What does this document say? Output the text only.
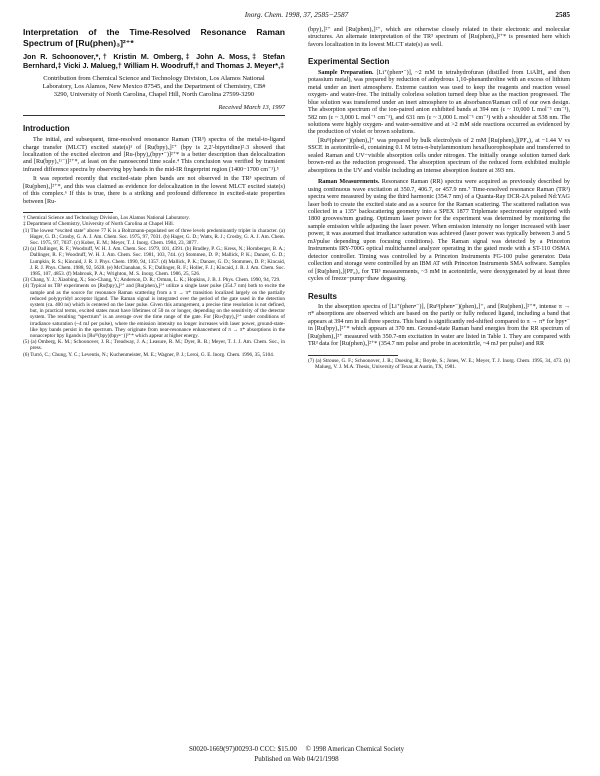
Inorg. Chem. 1998, 37, 2585−2587	2585
Interpretation of the Time-Resolved Resonance Raman Spectrum of [Ru(phen)₃]²⁺*
Jon R. Schoonover,*,† Kristin M. Omberg,‡ John A. Moss,‡ Stefan Bernhard,‡ Vicki J. Malueg,† William H. Woodruff,† and Thomas J. Meyer*,‡
Contribution from Chemical Science and Technology Division, Los Alamos National Laboratory, Los Alamos, New Mexico 87545, and the Department of Chemistry, CB# 3290, University of North Carolina, Chapel Hill, North Carolina 27599-3290
Received March 13, 1997
Introduction

The initial, and subsequent, time-resolved resonance Raman (TR³) spectra of the metal-to-ligand charge transfer (MLCT) excited state(s)¹ of [Ru(bpy)₃]²⁺ (bpy is 2,2′-bipyridine)²˒3 showed that localization of the excited electron and [Ru-(bpy)₂(bpy•⁻)]²⁺* is a better description than delocalization and [Ru(bpy)₃¹ᵓ⁻)]²⁺*, at least on the nanosecond time scale.⁴ This conclusion was verified by transient infrared difference spectra by observing bpy bands in the mid-IR fingerprint region (1400−1700 cm⁻¹).⁵

It was reported recently that excited-state phen bands are not observed in the TR³ spectrum of [Ru(phen)₃]²⁺*, and this was claimed as evidence for delocalization in the lowest MLCT excited state(s) of this complex.⁶ If this is true, there is a striking and profound difference in excited-state properties between [Ru-

† Chemical Science and Technology Division, Los Alamos National Laboratory.
‡ Department of Chemistry, University of North Carolina at Chapel Hill.
(1) The lowest “excited state” above 77 K is a Boltzmann-populated set of three levels predominantly triplet in character. (a) Hager, G. D.; Crosby, G. A. J. Am. Chem. Soc. 1975, 97, 7031. (b) Hager, G. D.; Watts, R. J.; Crosby, G. A. J. Am. Chem. Soc. 1975, 97, 7037. (c) Kober, E. M.; Meyer, T. J. Inorg. Chem. 1984, 23, 3877.
(2) (a) Dallinger, R. F.; Woodruff, W. H. J. Am. Chem. Soc. 1979, 101, 4391. (b) Bradley, P. G.; Kress, N.; Hornberger, B. A.; Dallinger, R. F.; Woodruff, W. H. J. Am. Chem. Soc. 1981, 103, 744. (c) Stommen, D. P.; Mallick, P. K.; Danzer, G. D.; Lumpkin, R. S.; Kincaid, J. R. J. Phys. Chem. 1990, 94, 1357. (d) Mallick, P. K.; Danzer, G. D.; Stommen, D. P.; Kincaid, J. R. J. Phys. Chem. 1988, 92, 5628. (e) McClanahan, S. F.; Dallinger, R. F.; Holler, F. J.; Kincaid, J. R. J. Am. Chem. Soc. 1985, 107, 4853. (f) Mabrouk, P. A.; Wrighton, M. S. Inorg. Chem. 1986, 25, 526.
(3) Chang, Y. J.; Xiaobing, X.; Soo-Chang, Y.; Anderson, D. R.; Orman, L. K.; Hopkins, J. B. J. Phys. Chem. 1990, 94, 729.
(4) Typical ns TR³ experiments on [Ru(bpy)₃]²⁺ and [Ru(phen)₃]²⁺ utilize a single laser pulse (354.7 nm) both to excite the sample and as the source for resonance Raman scattering from a π → π* transition localized largely on the partially reduced polypyridyl acceptor ligand. The Raman signal is integrated over the period of the gate used in the detection system (ca. 400 ns) which is centered on the laser pulse. Given this arrangement, a precise time resolution is not defined, but, in practical terms, excited states must have lifetimes of 50 ns or longer, depending on the sensitivity of the detector system. The resulting “spectrum” is an average over the time range of the gate. For [Ru-(bpy)₃]²⁺ under conditions of irradiance saturation (~4 mJ per pulse), where the emission intensity no longer increases with laser power, ground-state-like bpy bands persist in the spectrum. They originate from near-resonance enhancement of π → π* absorptions in the nonacceptor bpy ligands in [Ruᴵᴵᴵ(bpy)(bpy•⁻)]²⁺* which appear at higher energy.
(5) (a) Omberg, K. M.; Schoonover, J. R.; Treadway, J. A.; Leasure, R. M.; Dyer, R. B.; Meyer, T. J. J. Am. Chem. Soc., in press.
(6) Turró, C.; Chung, Y. C.; Leventis, N.; Kuchenmeister, M. E.; Wagner, P. J.; Leroi, G. E. Inorg. Chem. 1996, 35, 5104.

(bpy)₃]²⁺ and [Ru(phen)₃]²⁺, which are otherwise closely related in their electronic and molecular structures. An alternate interpretation of the TR³ spectrum of [Ru(phen)₃]²⁺* is presented here which favors localization in its lowest MLCT state(s) as well.

Experimental Section

Sample Preparation. [Li⁺(phen•⁻)], ~2 mM in tetrahydrofuran (distilled from LiAlH₄ and then potassium metal), was prepared by reduction of anhydrous 1,10-phenanthroline with an excess of lithium metal under an inert atmosphere. Extreme caution was used to keep the reagents and reaction vessel oxygen- and water-free. The initially colorless solution turned deep blue as the reaction progressed. The blue solution was transferred under an inert atmosphere to an absorbance/Raman cell of our own design. The absorption spectrum of the ion-paired anion exhibited bands at 394 nm (ε ~ 10,000 L mol⁻¹ cm⁻¹), 582 nm (ε ~ 3,000 L mol⁻¹ cm⁻¹), and 631 nm (ε ~ 3,000 L mol⁻¹ cm⁻¹) with a shoulder at 538 nm. The solutions were highly oxygen- and water-sensitive and at >2 mM side reactions occurred as evidenced by the production of violet or brown solutions.

[Ruᴵᴵ(phen•⁻)(phen)₂]⁺ was prepared by bulk electrolysis of 2 mM [Ru(phen)₃](PF₆)₂ at −1.44 V vs SSCE in acetonitrile-d₃ containing 0.1 M tetra-n-butylammonium hexafluorophosphate and transferred to sealed Raman and UV−visible absorption cells under nitrogen. The initially orange solution turned dark brown-red as the reduction progressed. The absorption spectrum of the reduced form exhibited multiple absorptions in the UV and visible including an intense absorption feature at 393 nm.

Raman Measurements. Resonance Raman (RR) spectra were acquired as previously described by using continuous wave excitation at 350.7, 406.7, or 457.9 nm.⁷ Time-resolved resonance Raman (TR³) spectra were measured by using the third harmonic (354.7 nm) of a Quanta-Ray DCR-2A pulsed Nd:YAG laser both to create the excited state and as a source for the Raman scattering. The scattered radiation was collected in a 135° backscattering geometry into a SPEX 1877 Triplemate spectrometer equipped with 1800 grooves/mm grating. Optimum laser power for the experiment was determined by monitoring the sample emission while adjusting the laser power. When emission intensity no longer increased with laser power, it was assumed that irradiance saturation was achieved (laser power was typically between 3 and 5 mJ/pulse depending upon focusing conditions). The Raman signal was detected by a Princeton Instruments IRY-700G optical multichannel analyzer operating in the gated mode with a ST-110 OSMA detector controller. Timing was controlled by a Princeton Instruments FG-100 pulse generator. Data collection and storage were controlled by an IBM AT with Princeton Instruments SMA software. Samples of [Ru(phen)₃](PF₆)₂ for TR³ measurements, ~3 mM in acetonitrile, were deoxygenated by at least three cycles of freeze−pump−thaw degassing.

Results

In the absorption spectra of [Li⁺(phen•⁻)], [Ruᴵᴵ(phen•⁻)(phen)₂]⁺, and [Ru(phen)₃]²⁺*, intense π → π* absorptions are observed which are based on the partly or fully reduced ligand, including a band that appears at 394 nm in all three spectra. This band is significantly red-shifted compared to π → π* for bpy•⁻ in [Ru(bpy)₃]²⁺* which appears at 370 nm. Ground-state Raman band energies from the RR spectrum of [Ru(phen)₃]²⁺ measured with 350.7-nm excitation in water are listed in Table 1. They are compared with TR³ data for [Ru(phen)₃]²⁺* (354.7 nm pulse and probe in acetonitrile, ~4 mJ per pulse) and RR

(7) (a) Strouse, G. F.; Schoonover, J. R.; Duesing, R.; Boyde, S.; Jones, W. E.; Meyer, T. J. Inorg. Chem. 1995, 34, 473. (b) Malueg, V. J. M.A. Thesis, University of Texas at Austin, TX, 1981.
S0020-1669(97)00293-0 CCC: $15.00 © 1998 American Chemical Society
Published on Web 04/21/1998
